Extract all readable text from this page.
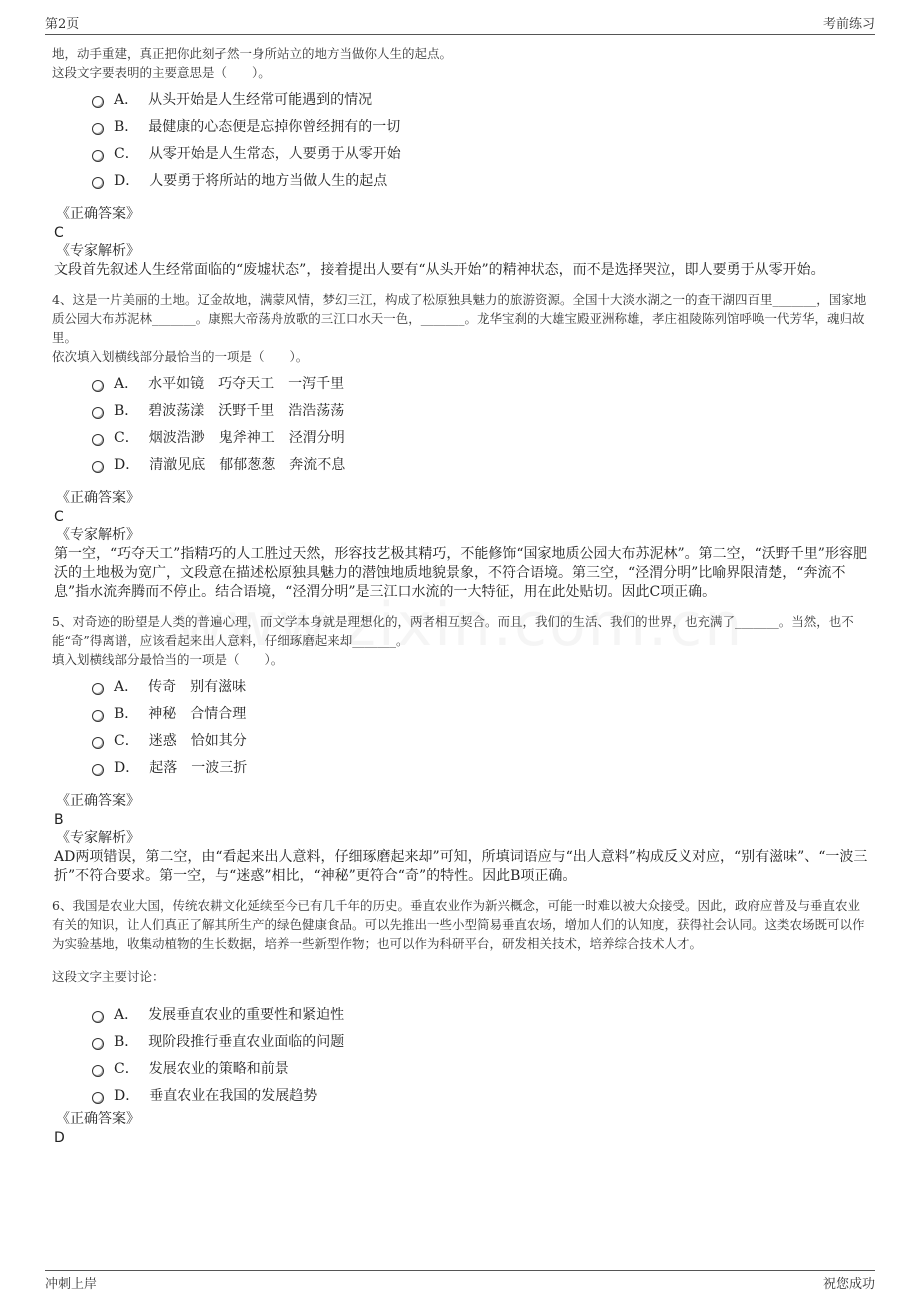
第2页	考前练习

地，动手重建，真正把你此刻孑然一身所站立的地方当做你人生的起点。

这段文字要表明的主要意思是（　　）。

A． 从头开始是人生经常可能遇到的情况
B． 最健康的心态便是忘掉你曾经拥有的一切
C． 从零开始是人生常态，人要勇于从零开始
D． 人要勇于将所站的地方当做人生的起点

《正确答案》

C

《专家解析》

文段首先叙述人生经常面临的“废墟状态”，接着提出人要有“从头开始”的精神状态，而不是选择哭泣，即人要勇于从零开始。

4、这是一片美丽的土地。辽金故地，满蒙风情，梦幻三江，构成了松原独具魅力的旅游资源。全国十大淡水湖之一的查干湖四百里_______，国家地质公园大布苏泥林_______。康熙大帝荡舟放歌的三江口水天一色，_______。龙华宝刹的大雄宝殿亚洲称雄，孝庄祖陵陈列馆呼唤一代芳华，魂归故里。

依次填入划横线部分最恰当的一项是（　　）。

A． 水平如镜　巧夺天工　一泻千里
B． 碧波荡漾　沃野千里　浩浩荡荡
C． 烟波浩渺　鬼斧神工　泾渭分明
D． 清澈见底　郁郁葱葱　奔流不息

《正确答案》

C

《专家解析》

第一空，“巧夺天工”指精巧的人工胜过天然，形容技艺极其精巧，不能修饰“国家地质公园大布苏泥林”。第二空，“沃野千里”形容肥沃的土地极为宽广，文段意在描述松原独具魅力的潜蚀地质地貌景象，不符合语境。第三空，“泾渭分明”比喻界限清楚，“奔流不息”指水流奔腾而不停止。结合语境，“泾渭分明”是三江口水流的一大特征，用在此处贴切。因此C项正确。

5、对奇迹的盼望是人类的普遍心理，而文学本身就是理想化的，两者相互契合。而且，我们的生活、我们的世界，也充满了_______。当然，也不能“奇”得离谱，应该看起来出人意料，仔细琢磨起来却_______。

填入划横线部分最恰当的一项是（　　）。

A． 传奇　别有滋味
B． 神秘　合情合理
C． 迷惑　恰如其分
D． 起落　一波三折

《正确答案》

B

《专家解析》

AD两项错误，第二空，由“看起来出人意料，仔细琢磨起来却”可知，所填词语应与“出人意料”构成反义对应，“别有滋味”、“一波三折”不符合要求。第一空，与“迷惑”相比，“神秘”更符合“奇”的特性。因此B项正确。

6、我国是农业大国，传统农耕文化延续至今已有几千年的历史。垂直农业作为新兴概念，可能一时难以被大众接受。因此，政府应普及与垂直农业有关的知识，让人们真正了解其所生产的绿色健康食品。可以先推出一些小型简易垂直农场，增加人们的认知度，获得社会认同。这类农场既可以作为实验基地，收集动植物的生长数据，培养一些新型作物；也可以作为科研平台，研发相关技术，培养综合技术人才。

这段文字主要讨论：

A． 发展垂直农业的重要性和紧迫性
B． 现阶段推行垂直农业面临的问题
C． 发展农业的策略和前景
D． 垂直农业在我国的发展趋势

《正确答案》

D

冲刺上岸	祝您成功
